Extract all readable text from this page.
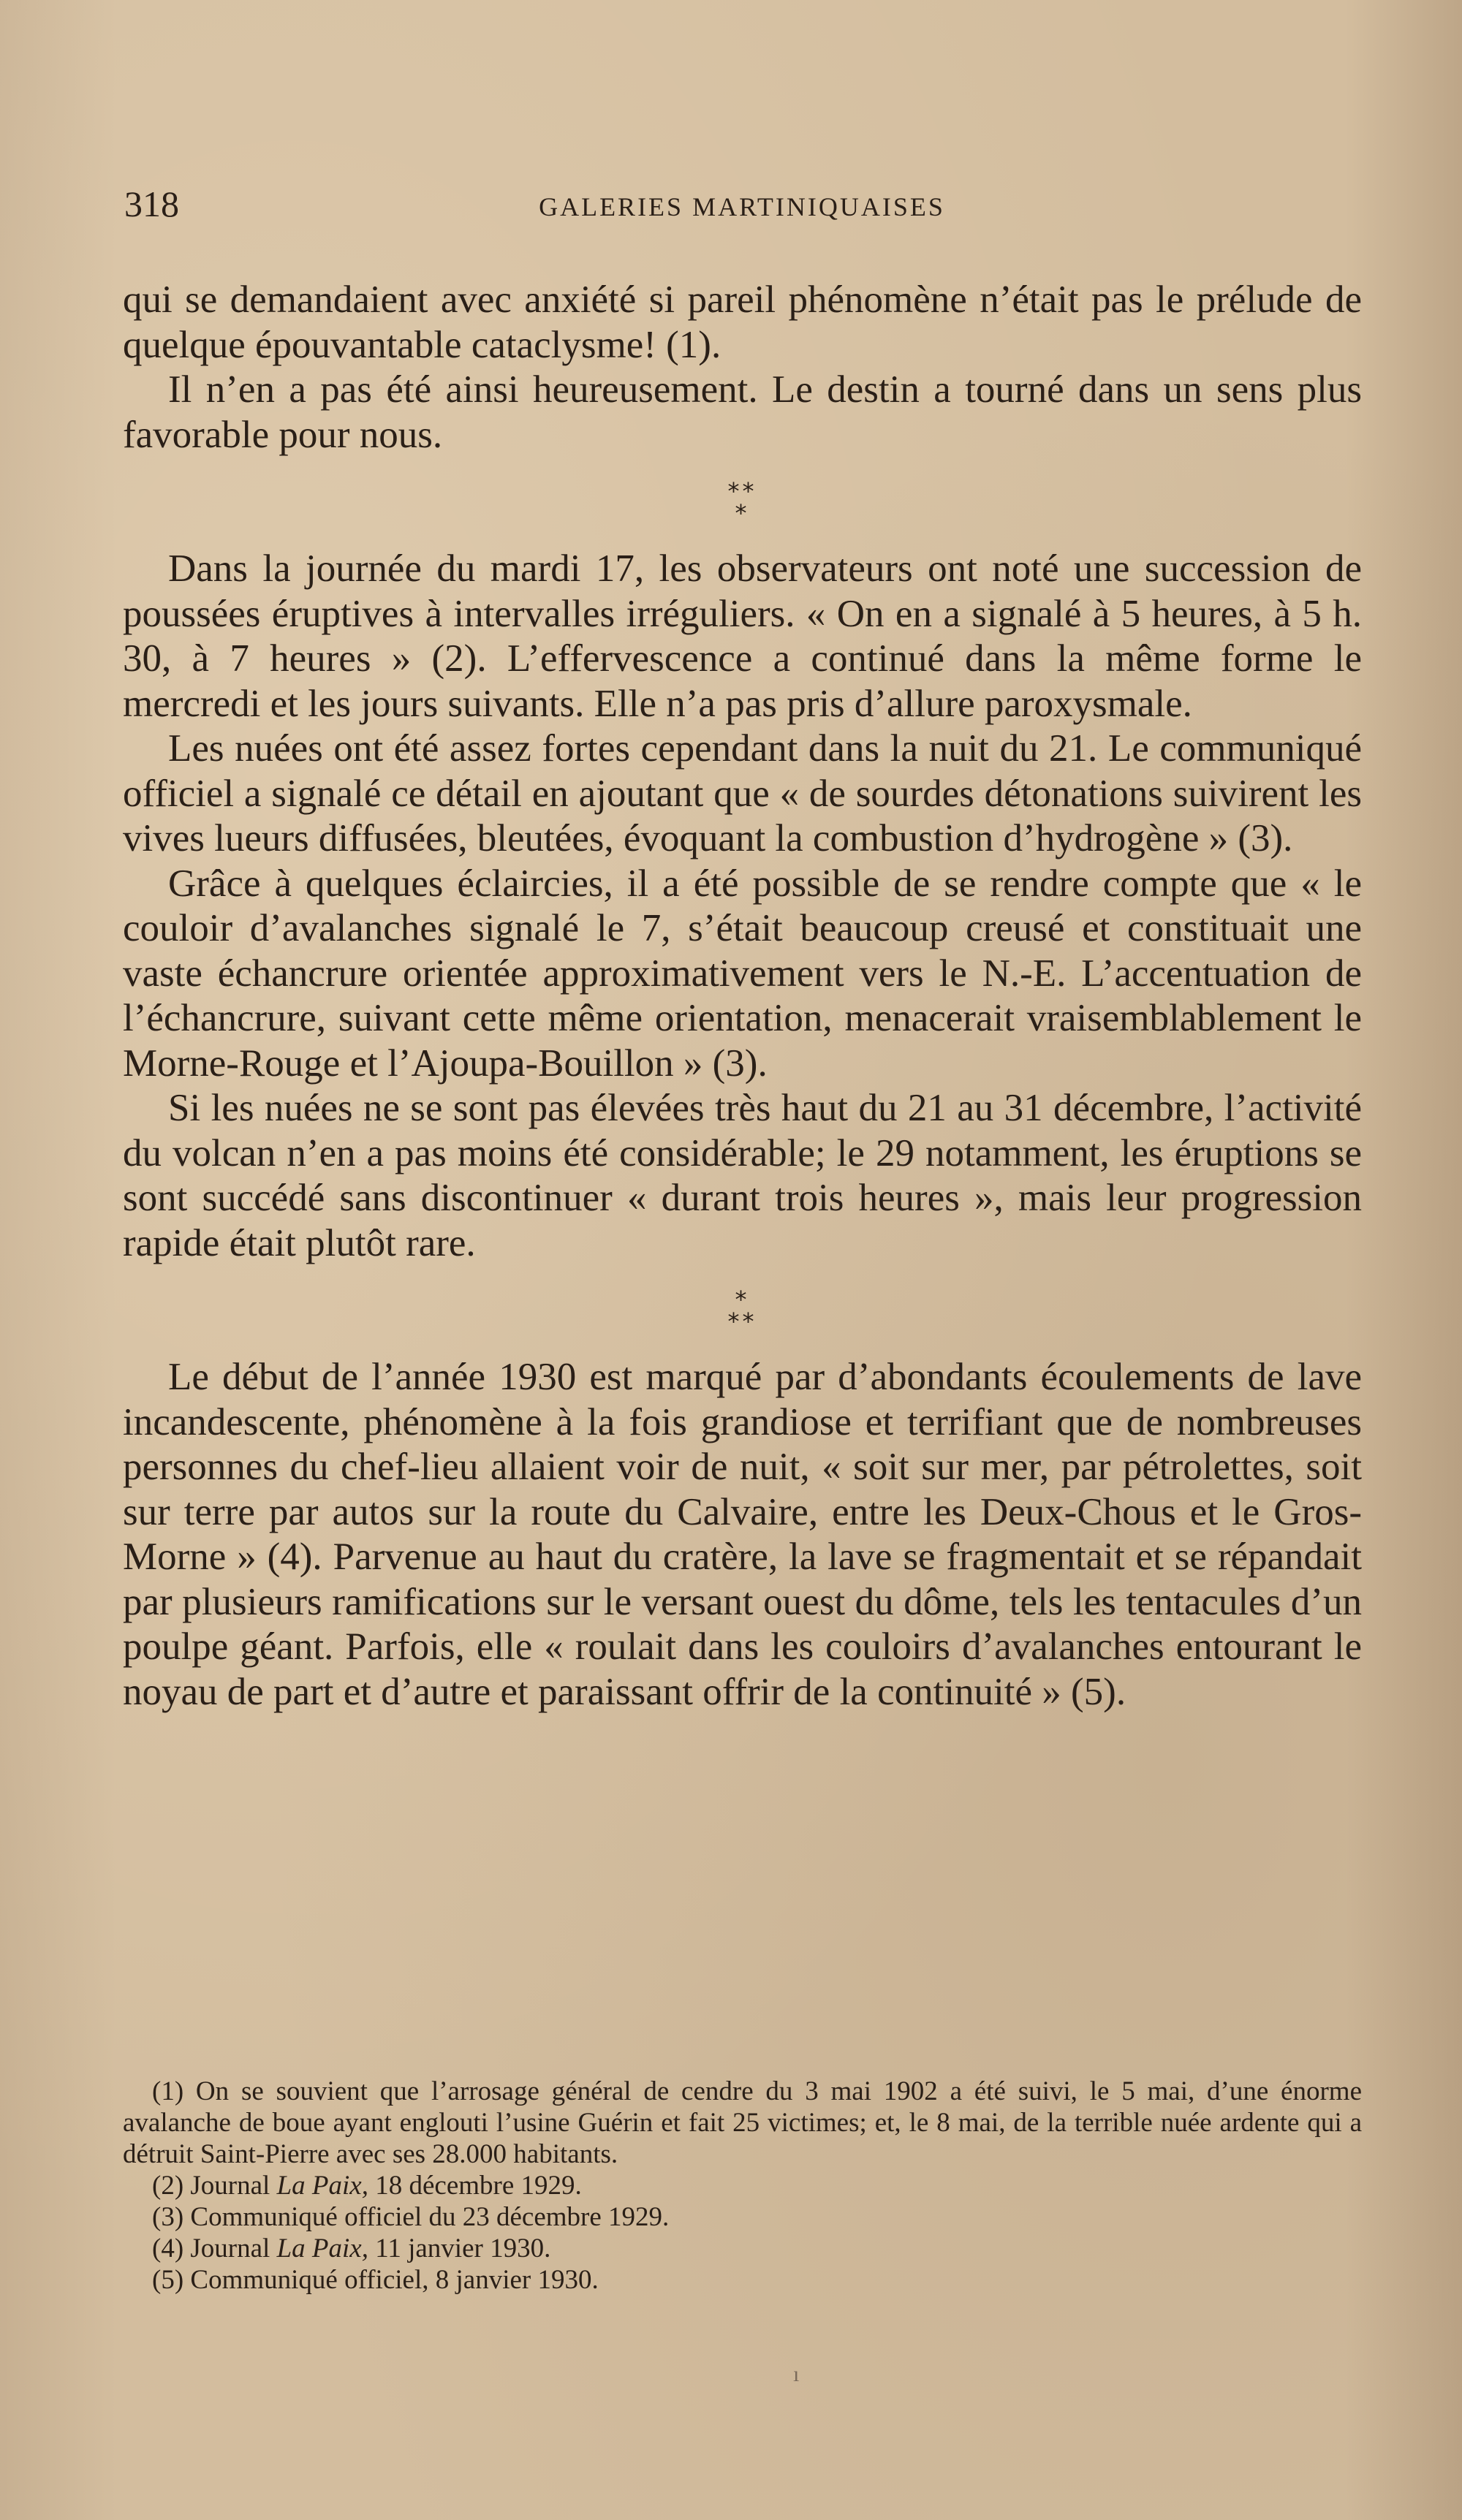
318	GALERIES MARTINIQUAISES

qui se demandaient avec anxiété si pareil phénomène n’était pas le prélude de quelque épouvantable cataclysme! (1).

Il n’en a pas été ainsi heureusement. Le destin a tourné dans un sens plus favorable pour nous.

**
*

Dans la journée du mardi 17, les observateurs ont noté une succession de poussées éruptives à intervalles irréguliers. « On en a signalé à 5 heures, à 5 h. 30, à 7 heures » (2). L’effervescence a continué dans la même forme le mercredi et les jours suivants. Elle n’a pas pris d’allure paroxysmale.

Les nuées ont été assez fortes cependant dans la nuit du 21. Le communiqué officiel a signalé ce détail en ajoutant que « de sourdes détonations suivirent les vives lueurs diffusées, bleutées, évoquant la combustion d’hydrogène » (3).

Grâce à quelques éclaircies, il a été possible de se rendre compte que « le couloir d’avalanches signalé le 7, s’était beaucoup creusé et constituait une vaste échancrure orientée approximativement vers le N.-E. L’accentuation de l’échancrure, suivant cette même orientation, menacerait vraisemblablement le Morne-Rouge et l’Ajoupa-Bouillon » (3).

Si les nuées ne se sont pas élevées très haut du 21 au 31 décembre, l’activité du volcan n’en a pas moins été considérable; le 29 notamment, les éruptions se sont succédé sans discontinuer « durant trois heures », mais leur progression rapide était plutôt rare.

*
**

Le début de l’année 1930 est marqué par d’abondants écoulements de lave incandescente, phénomène à la fois grandiose et terrifiant que de nombreuses personnes du chef-lieu allaient voir de nuit, « soit sur mer, par pétrolettes, soit sur terre par autos sur la route du Calvaire, entre les Deux-Chous et le Gros-Morne » (4). Parvenue au haut du cratère, la lave se fragmentait et se répandait par plusieurs ramifications sur le versant ouest du dôme, tels les tentacules d’un poulpe géant. Parfois, elle « roulait dans les couloirs d’avalanches entourant le noyau de part et d’autre et paraissant offrir de la continuité » (5).

(1) On se souvient que l’arrosage général de cendre du 3 mai 1902 a été suivi, le 5 mai, d’une énorme avalanche de boue ayant englouti l’usine Guérin et fait 25 victimes; et, le 8 mai, de la terrible nuée ardente qui a détruit Saint-Pierre avec ses 28.000 habitants.

(2) Journal La Paix, 18 décembre 1929.

(3) Communiqué officiel du 23 décembre 1929.

(4) Journal La Paix, 11 janvier 1930.

(5) Communiqué officiel, 8 janvier 1930.

ı
